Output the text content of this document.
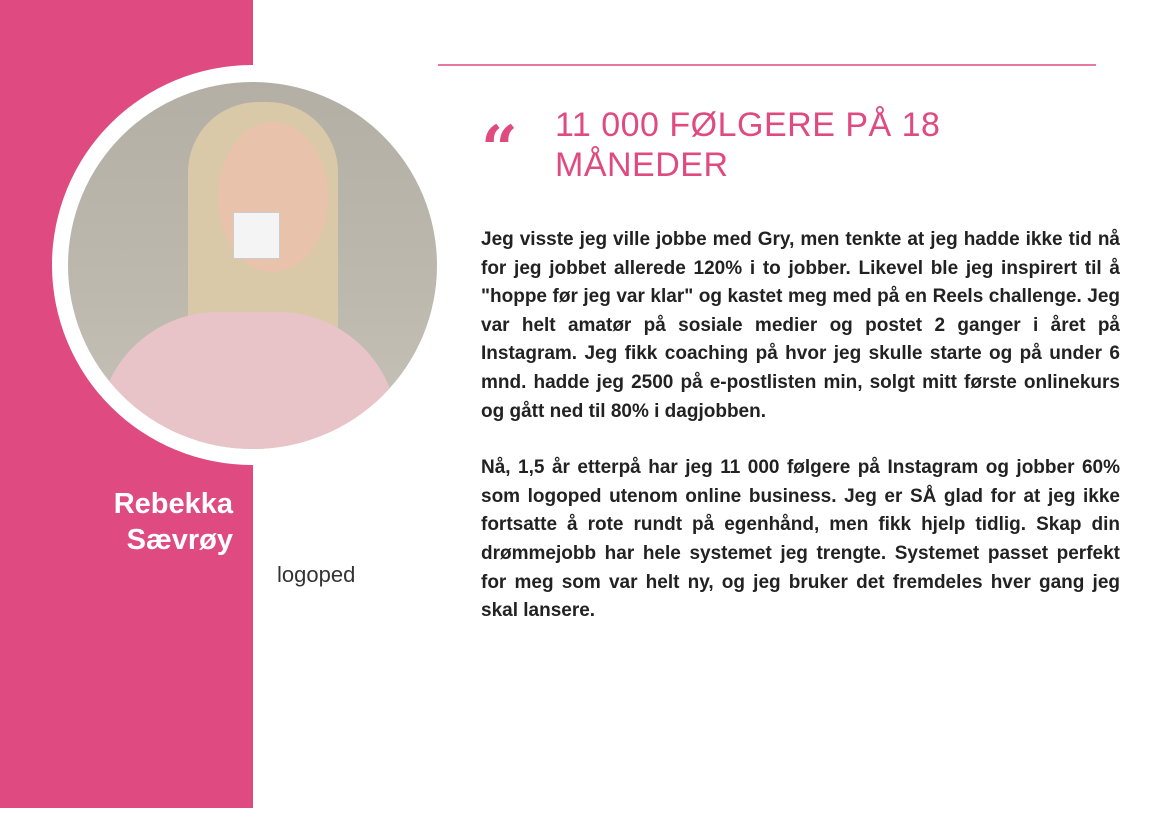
Rebekka
Sævrøy
logoped
“ 11 000 FØLGERE PÅ 18 MÅNEDER

Jeg visste jeg ville jobbe med Gry, men tenkte at jeg hadde ikke tid nå for jeg jobbet allerede 120% i to jobber. Likevel ble jeg inspirert til å "hoppe før jeg var klar" og kastet meg med på en Reels challenge. Jeg var helt amatør på sosiale medier og postet 2 ganger i året på Instagram. Jeg fikk coaching på hvor jeg skulle starte og på under 6 mnd. hadde jeg 2500 på e-postlisten min, solgt mitt første onlinekurs og gått ned til 80% i dagjobben.

Nå, 1,5 år etterpå har jeg 11 000 følgere på Instagram og jobber 60% som logoped utenom online business. Jeg er SÅ glad for at jeg ikke fortsatte å rote rundt på egenhånd, men fikk hjelp tidlig. Skap din drømmejobb har hele systemet jeg trengte. Systemet passet perfekt for meg som var helt ny, og jeg bruker det fremdeles hver gang jeg skal lansere.
